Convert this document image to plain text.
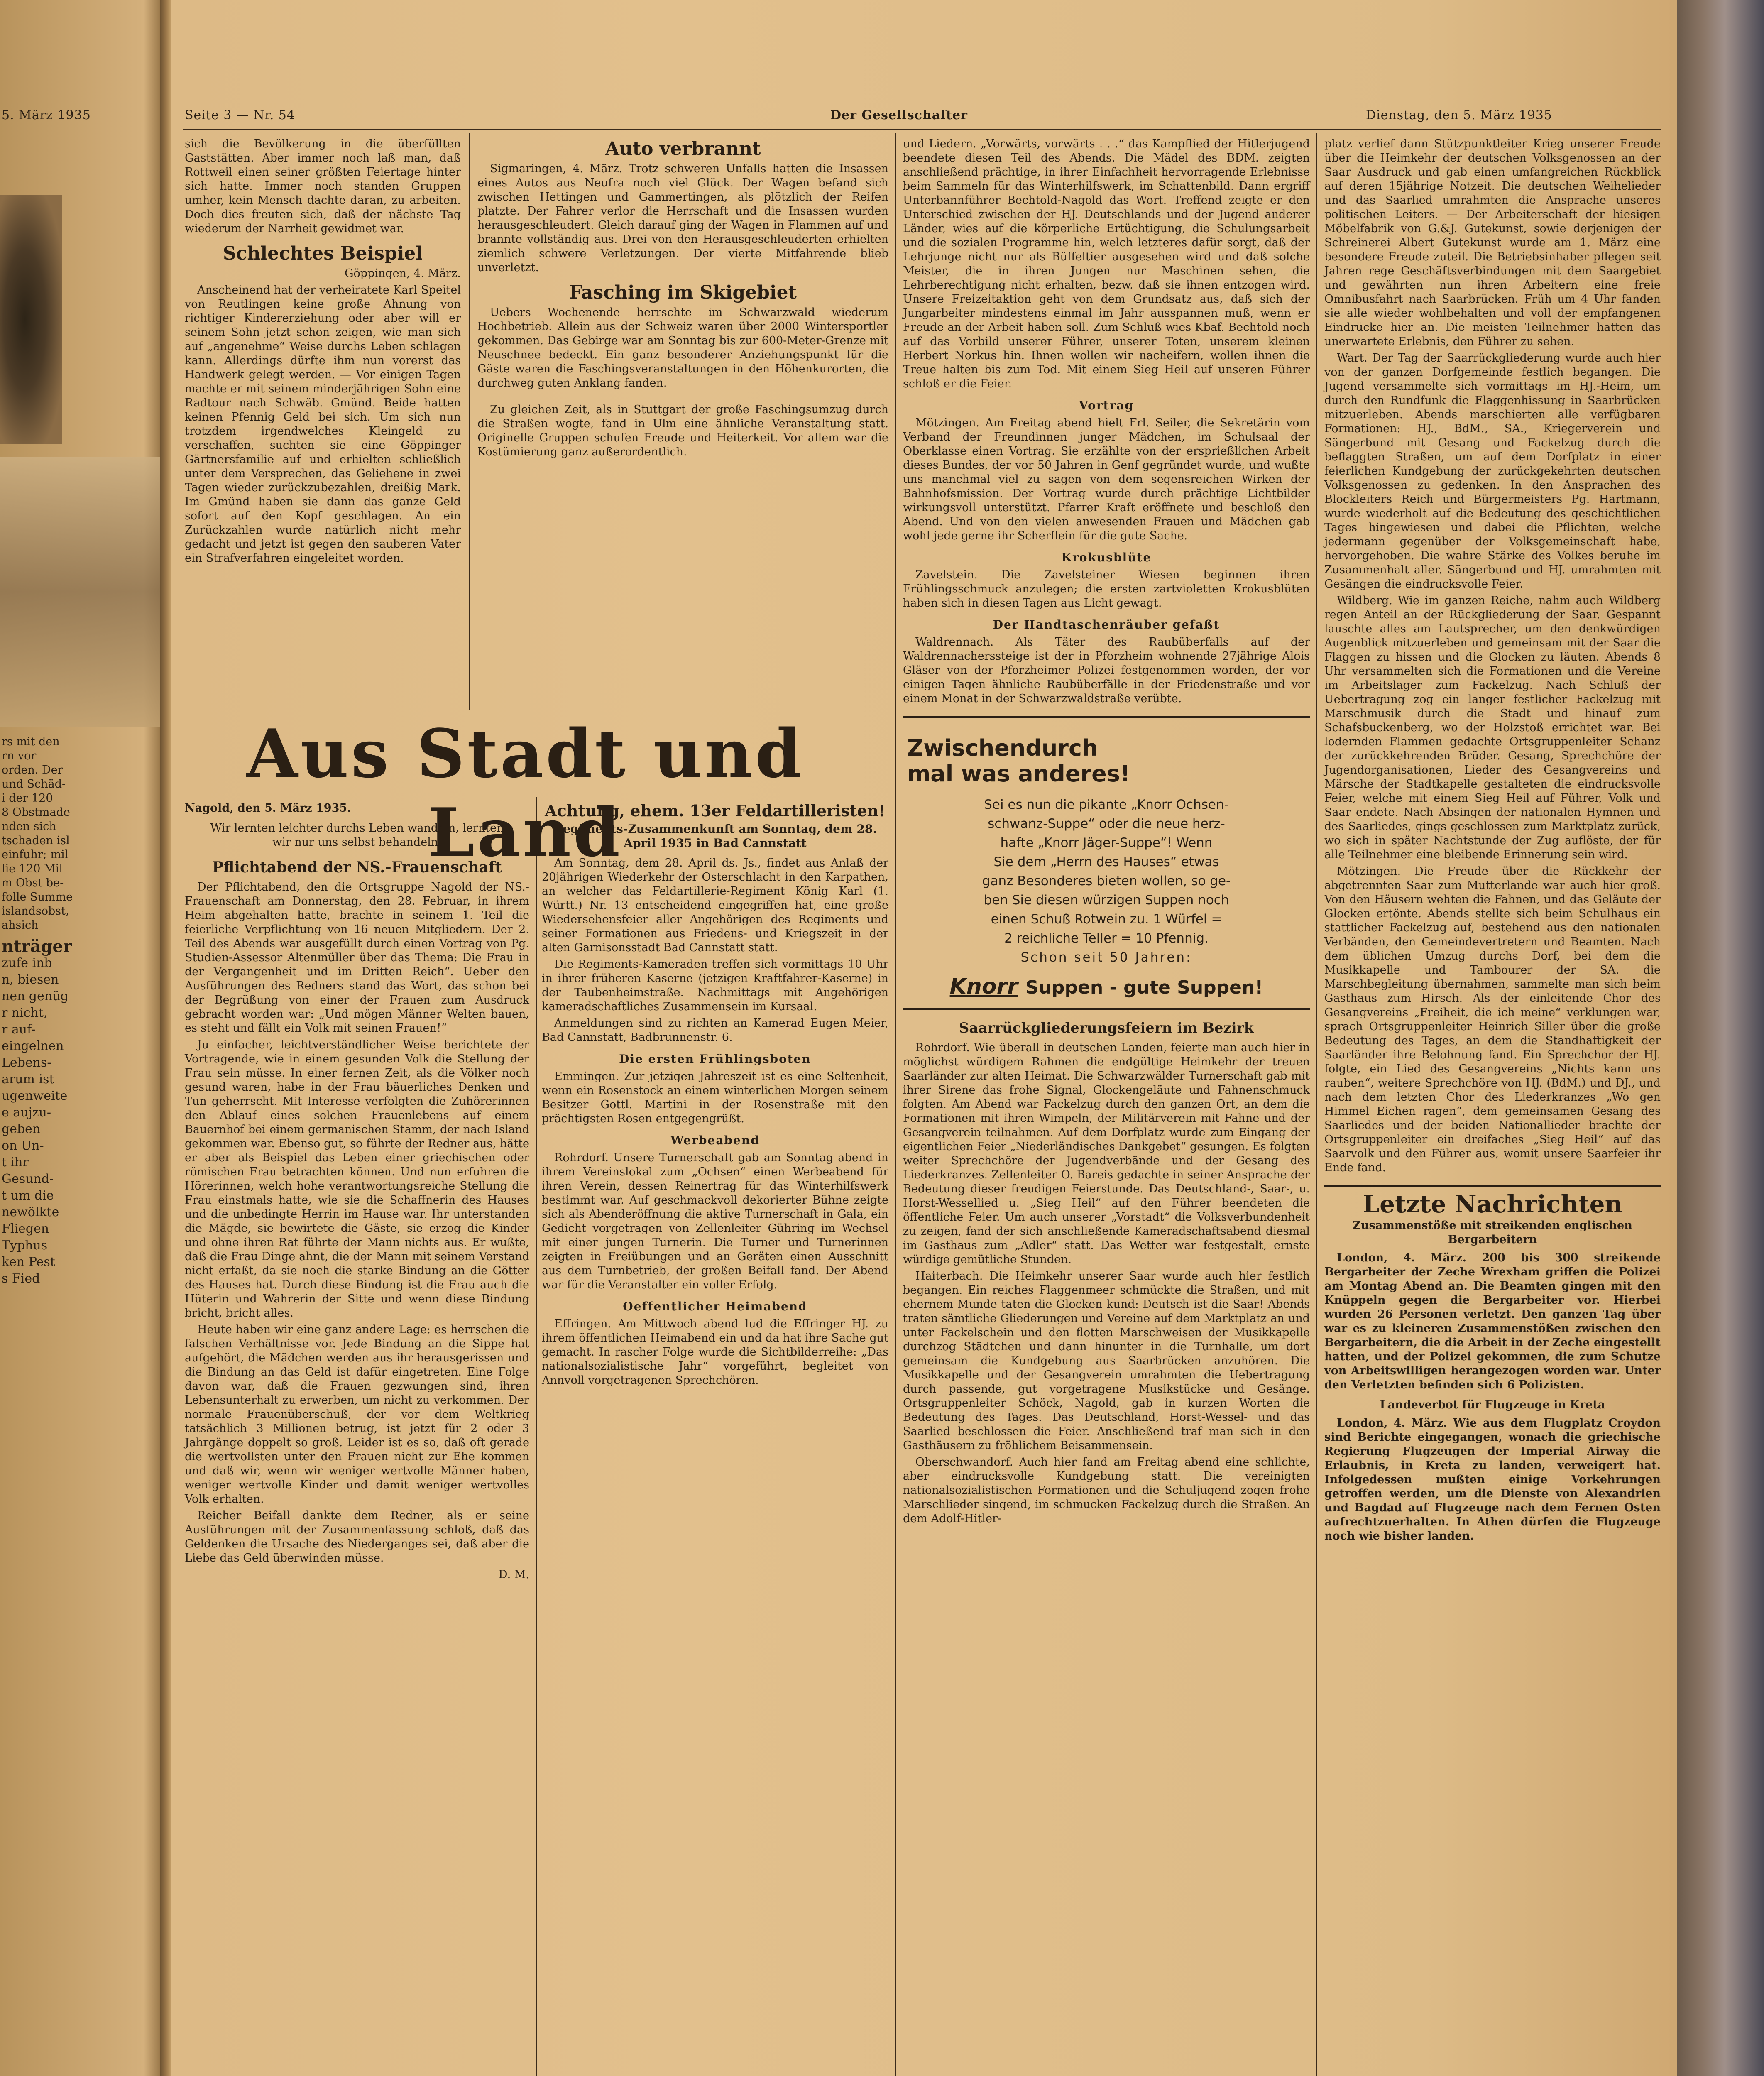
5. März 1935
rs mit den
rn vor
orden. Der
und Schäd-
i der 120
8 Obstmade
nden sich
tschaden isl
einfuhr; mil
lie 120 Mil
m Obst be-
folle Summe
islandsobst,
ahsich
nträger
zufe inb
n, biesen
nen genüg
r nicht,
r auf-
eingelnen
Lebens-
arum ist
ugenweite
e aujzu-
geben
on Un-
t ihr
Gesund-
t um die
newölkte
Fliegen
Typhus
ken Pest
s Fied
Seite 3 — Nr. 54	Der Gesellschafter	Dienstag, den 5. März 1935

sich die Bevölkerung in die überfüllten Gaststätten. Aber immer noch laß man, daß Rottweil einen seiner größten Feiertage hinter sich hatte. Immer noch standen Gruppen umher, kein Mensch dachte daran, zu arbeiten. Doch dies freuten sich, daß der nächste Tag wiederum der Narrheit gewidmet war.

Schlechtes Beispiel
Göppingen, 4. März.

Anscheinend hat der verheiratete Karl Speitel von Reutlingen keine große Ahnung von richtiger Kindererziehung oder aber will er seinem Sohn jetzt schon zeigen, wie man sich auf „angenehme“ Weise durchs Leben schlagen kann. Allerdings dürfte ihm nun vorerst das Handwerk gelegt werden. — Vor einigen Tagen machte er mit seinem minderjährigen Sohn eine Radtour nach Schwäb. Gmünd. Beide hatten keinen Pfennig Geld bei sich. Um sich nun trotzdem irgendwelches Kleingeld zu verschaffen, suchten sie eine Göppinger Gärtnersfamilie auf und erhielten schließlich unter dem Versprechen, das Geliehene in zwei Tagen wieder zurückzubezahlen, dreißig Mark. Im Gmünd haben sie dann das ganze Geld sofort auf den Kopf geschlagen. An ein Zurückzahlen wurde natürlich nicht mehr gedacht und jetzt ist gegen den sauberen Vater ein Strafverfahren eingeleitet worden.

Auto verbrannt

Sigmaringen, 4. März. Trotz schweren Unfalls hatten die Insassen eines Autos aus Neufra noch viel Glück. Der Wagen befand sich zwischen Hettingen und Gammertingen, als plötzlich der Reifen platzte. Der Fahrer verlor die Herrschaft und die Insassen wurden herausgeschleudert. Gleich darauf ging der Wagen in Flammen auf und brannte vollständig aus. Drei von den Herausgeschleuderten erhielten ziemlich schwere Verletzungen. Der vierte Mitfahrende blieb unverletzt.

Fasching im Skigebiet

Uebers Wochenende herrschte im Schwarzwald wiederum Hochbetrieb. Allein aus der Schweiz waren über 2000 Wintersportler gekommen. Das Gebirge war am Sonntag bis zur 600-Meter-Grenze mit Neuschnee bedeckt. Ein ganz besonderer Anziehungspunkt für die Gäste waren die Faschingsveranstaltungen in den Höhenkurorten, die durchweg guten Anklang fanden.

Zu gleichen Zeit, als in Stuttgart der große Faschingsumzug durch die Straßen wogte, fand in Ulm eine ähnliche Veranstaltung statt. Originelle Gruppen schufen Freude und Heiterkeit. Vor allem war die Kostümierung ganz außerordentlich.

Aus Stadt und Land
Nagold, den 5. März 1935.

Wir lernten leichter durchs Leben wandeln, lernten wir nur uns selbst behandeln.

Pflichtabend der NS.-Frauenschaft

Der Pflichtabend, den die Ortsgruppe Nagold der NS.-Frauenschaft am Donnerstag, den 28. Februar, in ihrem Heim abgehalten hatte, brachte in seinem 1. Teil die feierliche Verpflichtung von 16 neuen Mitgliedern. Der 2. Teil des Abends war ausgefüllt durch einen Vortrag von Pg. Studien-Assessor Altenmüller über das Thema: Die Frau in der Vergangenheit und im Dritten Reich“. Ueber den Ausführungen des Redners stand das Wort, das schon bei der Begrüßung von einer der Frauen zum Ausdruck gebracht worden war: „Und mögen Männer Welten bauen, es steht und fällt ein Volk mit seinen Frauen!“

Ju einfacher, leichtverständlicher Weise berichtete der Vortragende, wie in einem gesunden Volk die Stellung der Frau sein müsse. In einer fernen Zeit, als die Völker noch gesund waren, habe in der Frau bäuerliches Denken und Tun geherrscht. Mit Interesse verfolgten die Zuhörerinnen den Ablauf eines solchen Frauenlebens auf einem Bauernhof bei einem germanischen Stamm, der nach Island gekommen war. Ebenso gut, so führte der Redner aus, hätte er aber als Beispiel das Leben einer griechischen oder römischen Frau betrachten können. Und nun erfuhren die Hörerinnen, welch hohe verantwortungsreiche Stellung die Frau einstmals hatte, wie sie die Schaffnerin des Hauses und die unbedingte Herrin im Hause war. Ihr unterstanden die Mägde, sie bewirtete die Gäste, sie erzog die Kinder und ohne ihren Rat führte der Mann nichts aus. Er wußte, daß die Frau Dinge ahnt, die der Mann mit seinem Verstand nicht erfaßt, da sie noch die starke Bindung an die Götter des Hauses hat. Durch diese Bindung ist die Frau auch die Hüterin und Wahrerin der Sitte und wenn diese Bindung bricht, bricht alles.

Heute haben wir eine ganz andere Lage: es herrschen die falschen Verhältnisse vor. Jede Bindung an die Sippe hat aufgehört, die Mädchen werden aus ihr herausgerissen und die Bindung an das Geld ist dafür eingetreten. Eine Folge davon war, daß die Frauen gezwungen sind, ihren Lebensunterhalt zu erwerben, um nicht zu verkommen. Der normale Frauenüberschuß, der vor dem Weltkrieg tatsächlich 3 Millionen betrug, ist jetzt für 2 oder 3 Jahrgänge doppelt so groß. Leider ist es so, daß oft gerade die wertvollsten unter den Frauen nicht zur Ehe kommen und daß wir, wenn wir weniger wertvolle Männer haben, weniger wertvolle Kinder und damit weniger wertvolles Volk erhalten.

Reicher Beifall dankte dem Redner, als er seine Ausführungen mit der Zusammenfassung schloß, daß das Geldenken die Ursache des Niederganges sei, daß aber die Liebe das Geld überwinden müsse.

D. M.
Achtung, ehem. 13er Feldartilleristen!
Regiments-Zusammenkunft am Sonntag, dem 28. April 1935 in Bad Cannstatt

Am Sonntag, dem 28. April ds. Js., findet aus Anlaß der 20jährigen Wiederkehr der Osterschlacht in den Karpathen, an welcher das Feldartillerie-Regiment König Karl (1. Württ.) Nr. 13 entscheidend eingegriffen hat, eine große Wiedersehensfeier aller Angehörigen des Regiments und seiner Formationen aus Friedens- und Kriegszeit in der alten Garnisonsstadt Bad Cannstatt statt.

Die Regiments-Kameraden treffen sich vormittags 10 Uhr in ihrer früheren Kaserne (jetzigen Kraftfahrer-Kaserne) in der Taubenheimstraße. Nachmittags mit Angehörigen kameradschaftliches Zusammensein im Kursaal.

Anmeldungen sind zu richten an Kamerad Eugen Meier, Bad Cannstatt, Badbrunnenstr. 6.

Die ersten Frühlingsboten

Emmingen. Zur jetzigen Jahreszeit ist es eine Seltenheit, wenn ein Rosenstock an einem winterlichen Morgen seinem Besitzer Gottl. Martini in der Rosenstraße mit den prächtigsten Rosen entgegengrüßt.

Werbeabend

Rohrdorf. Unsere Turnerschaft gab am Sonntag abend in ihrem Vereinslokal zum „Ochsen“ einen Werbeabend für ihren Verein, dessen Reinertrag für das Winterhilfswerk bestimmt war. Auf geschmackvoll dekorierter Bühne zeigte sich als Abenderöffnung die aktive Turnerschaft in Gala, ein Gedicht vorgetragen von Zellenleiter Gühring im Wechsel mit einer jungen Turnerin. Die Turner und Turnerinnen zeigten in Freiübungen und an Geräten einen Ausschnitt aus dem Turnbetrieb, der großen Beifall fand. Der Abend war für die Veranstalter ein voller Erfolg.

Oeffentlicher Heimabend

Effringen. Am Mittwoch abend lud die Effringer HJ. zu ihrem öffentlichen Heimabend ein und da hat ihre Sache gut gemacht. In rascher Folge wurde die Sichtbilderreihe: „Das nationalsozialistische Jahr“ vorgeführt, begleitet von Annvoll vorgetragenen Sprechchören.

und Liedern. „Vorwärts, vorwärts . . .“ das Kampflied der Hitlerjugend beendete diesen Teil des Abends. Die Mädel des BDM. zeigten anschließend prächtige, in ihrer Einfachheit hervorragende Erlebnisse beim Sammeln für das Winterhilfswerk, im Schattenbild. Dann ergriff Unterbannführer Bechtold-Nagold das Wort. Treffend zeigte er den Unterschied zwischen der HJ. Deutschlands und der Jugend anderer Länder, wies auf die körperliche Ertüchtigung, die Schulungsarbeit und die sozialen Programme hin, welch letzteres dafür sorgt, daß der Lehrjunge nicht nur als Büffeltier ausgesehen wird und daß solche Meister, die in ihren Jungen nur Maschinen sehen, die Lehrberechtigung nicht erhalten, bezw. daß sie ihnen entzogen wird. Unsere Freizeitaktion geht von dem Grundsatz aus, daß sich der Jungarbeiter mindestens einmal im Jahr ausspannen muß, wenn er Freude an der Arbeit haben soll. Zum Schluß wies Kbaf. Bechtold noch auf das Vorbild unserer Führer, unserer Toten, unserem kleinen Herbert Norkus hin. Ihnen wollen wir nacheifern, wollen ihnen die Treue halten bis zum Tod. Mit einem Sieg Heil auf unseren Führer schloß er die Feier.

Vortrag

Mötzingen. Am Freitag abend hielt Frl. Seiler, die Sekretärin vom Verband der Freundinnen junger Mädchen, im Schulsaal der Oberklasse einen Vortrag. Sie erzählte von der ersprießlichen Arbeit dieses Bundes, der vor 50 Jahren in Genf gegründet wurde, und wußte uns manchmal viel zu sagen von dem segensreichen Wirken der Bahnhofsmission. Der Vortrag wurde durch prächtige Lichtbilder wirkungsvoll unterstützt. Pfarrer Kraft eröffnete und beschloß den Abend. Und von den vielen anwesenden Frauen und Mädchen gab wohl jede gerne ihr Scherflein für die gute Sache.

Krokusblüte

Zavelstein. Die Zavelsteiner Wiesen beginnen ihren Frühlingsschmuck anzulegen; die ersten zartvioletten Krokusblüten haben sich in diesen Tagen aus Licht gewagt.

Der Handtaschenräuber gefaßt

Waldrennach. Als Täter des Raubüberfalls auf der Waldrennacherssteige ist der in Pforzheim wohnende 27jährige Alois Gläser von der Pforzheimer Polizei festgenommen worden, der vor einigen Tagen ähnliche Raubüberfälle in der Friedenstraße und vor einem Monat in der Schwarzwaldstraße verübte.

Zwischendurch
mal was anderes!
Sei es nun die pikante „Knorr Ochsen-
schwanz-Suppe“ oder die neue herz-
hafte „Knorr Jäger-Suppe“! Wenn
Sie dem „Herrn des Hauses“ etwas
ganz Besonderes bieten wollen, so ge-
ben Sie diesen würzigen Suppen noch
einen Schuß Rotwein zu. 1 Würfel =
2 reichliche Teller = 10 Pfennig.
Schon seit 50 Jahren:
Knorr Suppen - gute Suppen!
Saarrückgliederungsfeiern im Bezirk

Rohrdorf. Wie überall in deutschen Landen, feierte man auch hier in möglichst würdigem Rahmen die endgültige Heimkehr der treuen Saarländer zur alten Heimat. Die Schwarzwälder Turnerschaft gab mit ihrer Sirene das frohe Signal, Glockengeläute und Fahnenschmuck folgten. Am Abend war Fackelzug durch den ganzen Ort, an dem die Formationen mit ihren Wimpeln, der Militärverein mit Fahne und der Gesangverein teilnahmen. Auf dem Dorfplatz wurde zum Eingang der eigentlichen Feier „Niederländisches Dankgebet“ gesungen. Es folgten weiter Sprechchöre der Jugendverbände und der Gesang des Liederkranzes. Zellenleiter O. Bareis gedachte in seiner Ansprache der Bedeutung dieser freudigen Feierstunde. Das Deutschland-, Saar-, u. Horst-Wessellied u. „Sieg Heil“ auf den Führer beendeten die öffentliche Feier. Um auch unserer „Vorstadt“ die Volksverbundenheit zu zeigen, fand der sich anschließende Kameradschaftsabend diesmal im Gasthaus zum „Adler“ statt. Das Wetter war festgestalt, ernste würdige gemütliche Stunden.

Haiterbach. Die Heimkehr unserer Saar wurde auch hier festlich begangen. Ein reiches Flaggenmeer schmückte die Straßen, und mit ehernem Munde taten die Glocken kund: Deutsch ist die Saar! Abends traten sämtliche Gliederungen und Vereine auf dem Marktplatz an und unter Fackelschein und den flotten Marschweisen der Musikkapelle durchzog Städtchen und dann hinunter in die Turnhalle, um dort gemeinsam die Kundgebung aus Saarbrücken anzuhören. Die Musikkapelle und der Gesangverein umrahmten die Uebertragung durch passende, gut vorgetragene Musikstücke und Gesänge. Ortsgruppenleiter Schöck, Nagold, gab in kurzen Worten die Bedeutung des Tages. Das Deutschland, Horst-Wessel- und das Saarlied beschlossen die Feier. Anschließend traf man sich in den Gasthäusern zu fröhlichem Beisammensein.

Oberschwandorf. Auch hier fand am Freitag abend eine schlichte, aber eindrucksvolle Kundgebung statt. Die vereinigten nationalsozialistischen Formationen und die Schuljugend zogen frohe Marschlieder singend, im schmucken Fackelzug durch die Straßen. An dem Adolf-Hitler-

platz verlief dann Stützpunktleiter Krieg unserer Freude über die Heimkehr der deutschen Volksgenossen an der Saar Ausdruck und gab einen umfangreichen Rückblick auf deren 15jährige Notzeit. Die deutschen Weihelieder und das Saarlied umrahmten die Ansprache unseres politischen Leiters. — Der Arbeiterschaft der hiesigen Möbelfabrik von G.&J. Gutekunst, sowie derjenigen der Schreinerei Albert Gutekunst wurde am 1. März eine besondere Freude zuteil. Die Betriebsinhaber pflegen seit Jahren rege Geschäftsverbindungen mit dem Saargebiet und gewährten nun ihren Arbeitern eine freie Omnibusfahrt nach Saarbrücken. Früh um 4 Uhr fanden sie alle wieder wohlbehalten und voll der empfangenen Eindrücke hier an. Die meisten Teilnehmer hatten das unerwartete Erlebnis, den Führer zu sehen.

Wart. Der Tag der Saarrückgliederung wurde auch hier von der ganzen Dorfgemeinde festlich begangen. Die Jugend versammelte sich vormittags im HJ.-Heim, um durch den Rundfunk die Flaggenhissung in Saarbrücken mitzuerleben. Abends marschierten alle verfügbaren Formationen: HJ., BdM., SA., Kriegerverein und Sängerbund mit Gesang und Fackelzug durch die beflaggten Straßen, um auf dem Dorfplatz in einer feierlichen Kundgebung der zurückgekehrten deutschen Volksgenossen zu gedenken. In den Ansprachen des Blockleiters Reich und Bürgermeisters Pg. Hartmann, wurde wiederholt auf die Bedeutung des geschichtlichen Tages hingewiesen und dabei die Pflichten, welche jedermann gegenüber der Volksgemeinschaft habe, hervorgehoben. Die wahre Stärke des Volkes beruhe im Zusammenhalt aller. Sängerbund und HJ. umrahmten mit Gesängen die eindrucksvolle Feier.

Wildberg. Wie im ganzen Reiche, nahm auch Wildberg regen Anteil an der Rückgliederung der Saar. Gespannt lauschte alles am Lautsprecher, um den denkwürdigen Augenblick mitzuerleben und gemeinsam mit der Saar die Flaggen zu hissen und die Glocken zu läuten. Abends 8 Uhr versammelten sich die Formationen und die Vereine im Arbeitslager zum Fackelzug. Nach Schluß der Uebertragung zog ein langer festlicher Fackelzug mit Marschmusik durch die Stadt und hinauf zum Schafsbuckenberg, wo der Holzstoß errichtet war. Bei lodernden Flammen gedachte Ortsgruppenleiter Schanz der zurückkehrenden Brüder. Gesang, Sprechchöre der Jugendorganisationen, Lieder des Gesangvereins und Märsche der Stadtkapelle gestalteten die eindrucksvolle Feier, welche mit einem Sieg Heil auf Führer, Volk und Saar endete. Nach Absingen der nationalen Hymnen und des Saarliedes, gings geschlossen zum Marktplatz zurück, wo sich in später Nachtstunde der Zug auflöste, der für alle Teilnehmer eine bleibende Erinnerung sein wird.

Mötzingen. Die Freude über die Rückkehr der abgetrennten Saar zum Mutterlande war auch hier groß. Von den Häusern wehten die Fahnen, und das Geläute der Glocken ertönte. Abends stellte sich beim Schulhaus ein stattlicher Fackelzug auf, bestehend aus den nationalen Verbänden, den Gemeindevertretern und Beamten. Nach dem üblichen Umzug durchs Dorf, bei dem die Musikkapelle und Tambourer der SA. die Marschbegleitung übernahmen, sammelte man sich beim Gasthaus zum Hirsch. Als der einleitende Chor des Gesangvereins „Freiheit, die ich meine“ verklungen war, sprach Ortsgruppenleiter Heinrich Siller über die große Bedeutung des Tages, an dem die Standhaftigkeit der Saarländer ihre Belohnung fand. Ein Sprechchor der HJ. folgte, ein Lied des Gesangvereins „Nichts kann uns rauben“, weitere Sprechchöre von HJ. (BdM.) und DJ., und nach dem letzten Chor des Liederkranzes „Wo gen Himmel Eichen ragen“, dem gemeinsamen Gesang des Saarliedes und der beiden Nationallieder brachte der Ortsgruppenleiter ein dreifaches „Sieg Heil“ auf das Saarvolk und den Führer aus, womit unsere Saarfeier ihr Ende fand.

Letzte Nachrichten
Zusammenstöße mit streikenden englischen Bergarbeitern

London, 4. März. 200 bis 300 streikende Bergarbeiter der Zeche Wrexham griffen die Polizei am Montag Abend an. Die Beamten gingen mit den Knüppeln gegen die Bergarbeiter vor. Hierbei wurden 26 Personen verletzt. Den ganzen Tag über war es zu kleineren Zusammenstößen zwischen den Bergarbeitern, die die Arbeit in der Zeche eingestellt hatten, und der Polizei gekommen, die zum Schutze von Arbeitswilligen herangezogen worden war. Unter den Verletzten befinden sich 6 Polizisten.

Landeverbot für Flugzeuge in Kreta

London, 4. März. Wie aus dem Flugplatz Croydon sind Berichte eingegangen, wonach die griechische Regierung Flugzeugen der Imperial Airway die Erlaubnis, in Kreta zu landen, verweigert hat. Infolgedessen mußten einige Vorkehrungen getroffen werden, um die Dienste von Alexandrien und Bagdad auf Flugzeuge nach dem Fernen Osten aufrechtzuerhalten. In Athen dürfen die Flugzeuge noch wie bisher landen.
